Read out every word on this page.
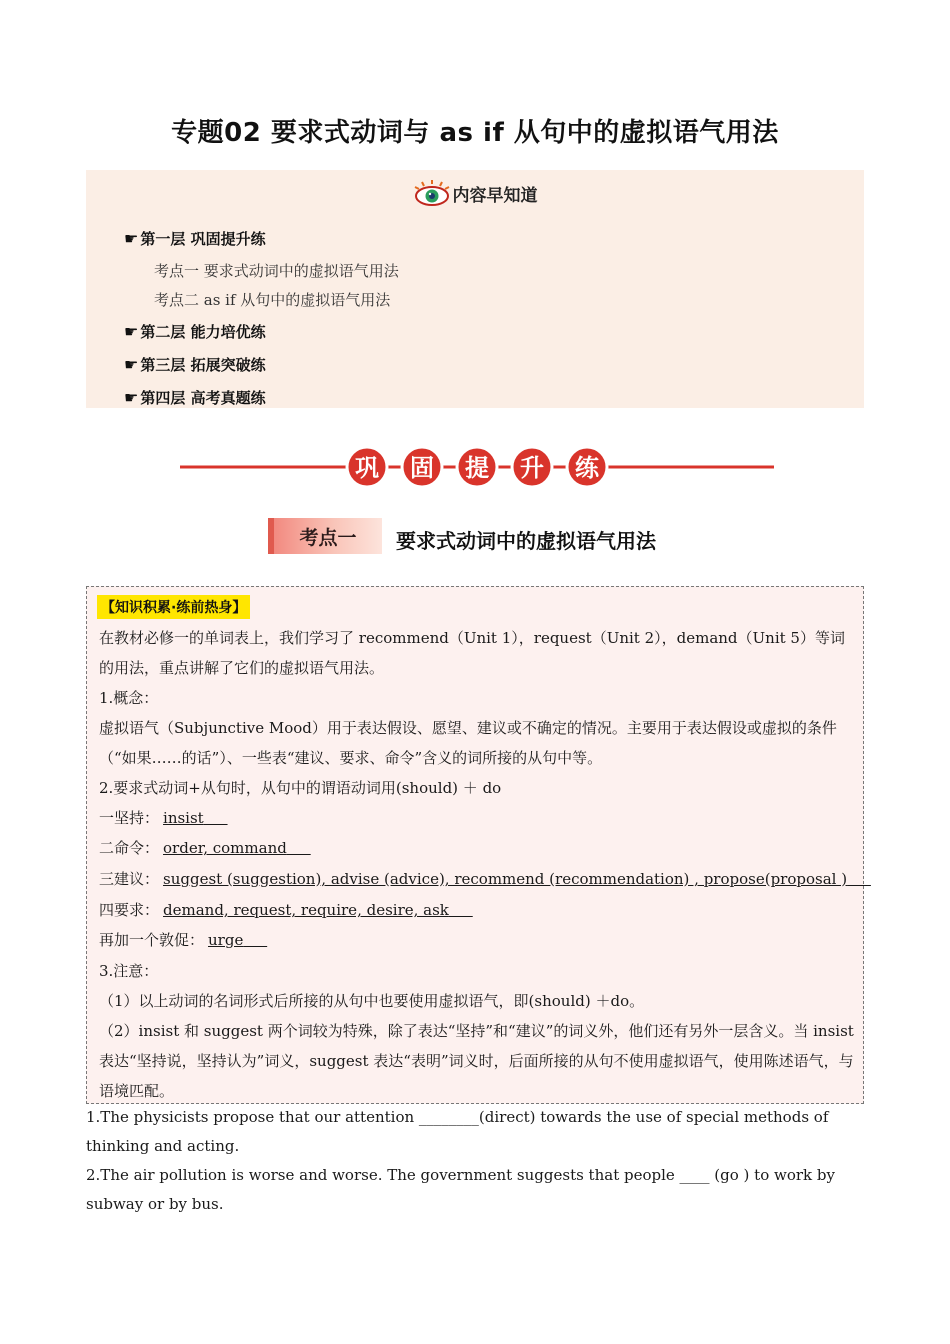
专题02 要求式动词与 as if 从句中的虚拟语气用法
内容早知道
☛ 第一层 巩固提升练
考点一 要求式动词中的虚拟语气用法
考点二 as if 从句中的虚拟语气用法
☛ 第二层 能力培优练
☛ 第三层 拓展突破练
☛ 第四层 高考真题练
巩 固 提 升 练
考点一	要求式动词中的虚拟语气用法
【知识积累·练前热身】
在教材必修一的单词表上，我们学习了 recommend（Unit 1），request（Unit 2），demand（Unit 5）等词的用法，重点讲解了它们的虚拟语气用法。
1.概念：
虚拟语气（Subjunctive Mood）用于表达假设、愿望、建议或不确定的情况。主要用于表达假设或虚拟的条件（“如果……的话”）、一些表“建议、要求、命令”含义的词所接的从句中等。
2.要求式动词+从句时，从句中的谓语动词用(should) ＋ do
一坚持： insist
二命令： order, command
三建议： suggest (suggestion), advise (advice), recommend (recommendation) , propose(proposal )
四要求： demand, request, require, desire, ask
再加一个敦促： urge
3.注意：
（1）以上动词的名词形式后所接的从句中也要使用虚拟语气，即(should) ＋do。
（2）insist 和 suggest 两个词较为特殊，除了表达“坚持”和“建议”的词义外，他们还有另外一层含义。当 insist 表达“坚持说，坚持认为”词义，suggest 表达“表明”词义时，后面所接的从句不使用虚拟语气，使用陈述语气，与语境匹配。
1.The physicists propose that our attention ________(direct) towards the use of special methods of thinking and acting.
2.The air pollution is worse and worse. The government suggests that people ____ (go ) to work by subway or by bus.
